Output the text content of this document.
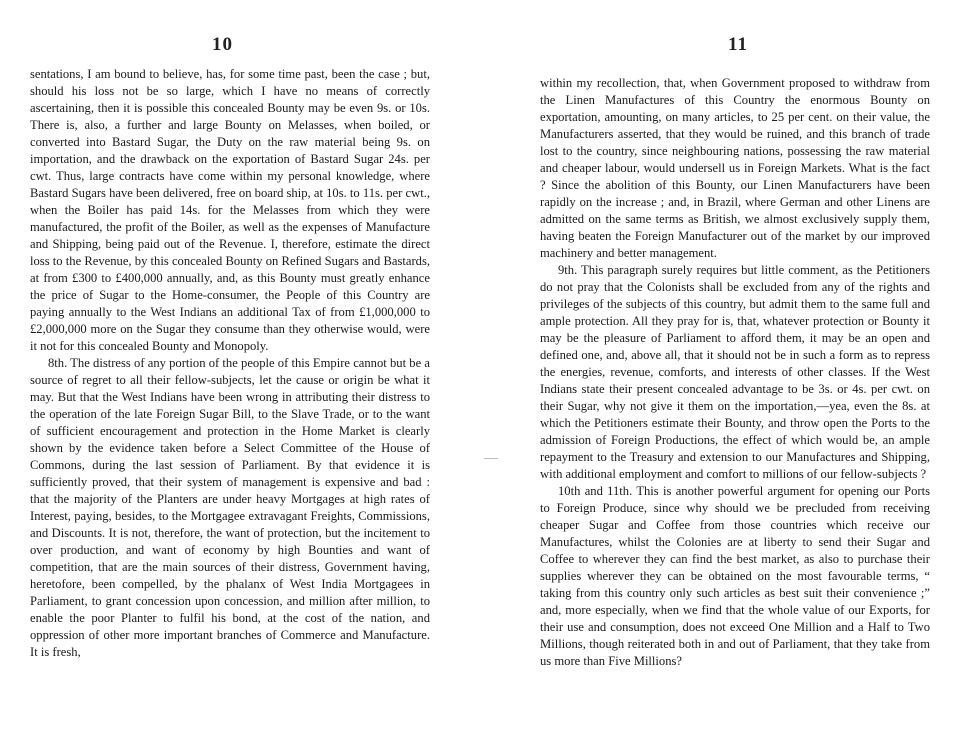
10

sentations, I am bound to believe, has, for some time past, been the case ; but, should his loss not be so large, which I have no means of correctly ascertaining, then it is possible this concealed Bounty may be even 9s. or 10s. There is, also, a further and large Bounty on Melasses, when boiled, or converted into Bastard Sugar, the Duty on the raw material being 9s. on importation, and the drawback on the exportation of Bastard Sugar 24s. per cwt. Thus, large contracts have come within my personal knowledge, where Bastard Sugars have been delivered, free on board ship, at 10s. to 11s. per cwt., when the Boiler has paid 14s. for the Melasses from which they were manufactured, the profit of the Boiler, as well as the expenses of Manufacture and Shipping, being paid out of the Revenue. I, therefore, estimate the direct loss to the Revenue, by this concealed Bounty on Refined Sugars and Bastards, at from £300 to £400,000 annually, and, as this Bounty must greatly enhance the price of Sugar to the Home-consumer, the People of this Country are paying annually to the West Indians an additional Tax of from £1,000,000 to £2,000,000 more on the Sugar they consume than they otherwise would, were it not for this concealed Bounty and Monopoly.

8th. The distress of any portion of the people of this Empire cannot but be a source of regret to all their fellow-subjects, let the cause or origin be what it may. But that the West Indians have been wrong in attributing their distress to the operation of the late Foreign Sugar Bill, to the Slave Trade, or to the want of sufficient encouragement and protection in the Home Market is clearly shown by the evidence taken before a Select Committee of the House of Commons, during the last session of Parliament. By that evidence it is sufficiently proved, that their system of management is expensive and bad : that the majority of the Planters are under heavy Mortgages at high rates of Interest, paying, besides, to the Mortgagee extravagant Freights, Commissions, and Discounts. It is not, therefore, the want of protection, but the incitement to over production, and want of economy by high Bounties and want of competition, that are the main sources of their distress, Government having, heretofore, been compelled, by the phalanx of West India Mortgagees in Parliament, to grant concession upon concession, and million after million, to enable the poor Planter to fulfil his bond, at the cost of the nation, and oppression of other more important branches of Commerce and Manufacture. It is fresh,

11

within my recollection, that, when Government proposed to withdraw from the Linen Manufactures of this Country the enormous Bounty on exportation, amounting, on many articles, to 25 per cent. on their value, the Manufacturers asserted, that they would be ruined, and this branch of trade lost to the country, since neighbouring nations, possessing the raw material and cheaper labour, would undersell us in Foreign Markets. What is the fact ? Since the abolition of this Bounty, our Linen Manufacturers have been rapidly on the increase ; and, in Brazil, where German and other Linens are admitted on the same terms as British, we almost exclusively supply them, having beaten the Foreign Manufacturer out of the market by our improved machinery and better management.

9th. This paragraph surely requires but little comment, as the Petitioners do not pray that the Colonists shall be excluded from any of the rights and privileges of the subjects of this country, but admit them to the same full and ample protection. All they pray for is, that, whatever protection or Bounty it may be the pleasure of Parliament to afford them, it may be an open and defined one, and, above all, that it should not be in such a form as to repress the energies, revenue, comforts, and interests of other classes. If the West Indians state their present concealed advantage to be 3s. or 4s. per cwt. on their Sugar, why not give it them on the importation,—yea, even the 8s. at which the Petitioners estimate their Bounty, and throw open the Ports to the admission of Foreign Productions, the effect of which would be, an ample repayment to the Treasury and extension to our Manufactures and Shipping, with additional employment and comfort to millions of our fellow-subjects ?

10th and 11th. This is another powerful argument for opening our Ports to Foreign Produce, since why should we be precluded from receiving cheaper Sugar and Coffee from those countries which receive our Manufactures, whilst the Colonies are at liberty to send their Sugar and Coffee to wherever they can find the best market, as also to purchase their supplies wherever they can be obtained on the most favourable terms, “ taking from this country only such articles as best suit their convenience ;” and, more especially, when we find that the whole value of our Exports, for their use and consumption, does not exceed One Million and a Half to Two Millions, though reiterated both in and out of Parliament, that they take from us more than Five Millions?
